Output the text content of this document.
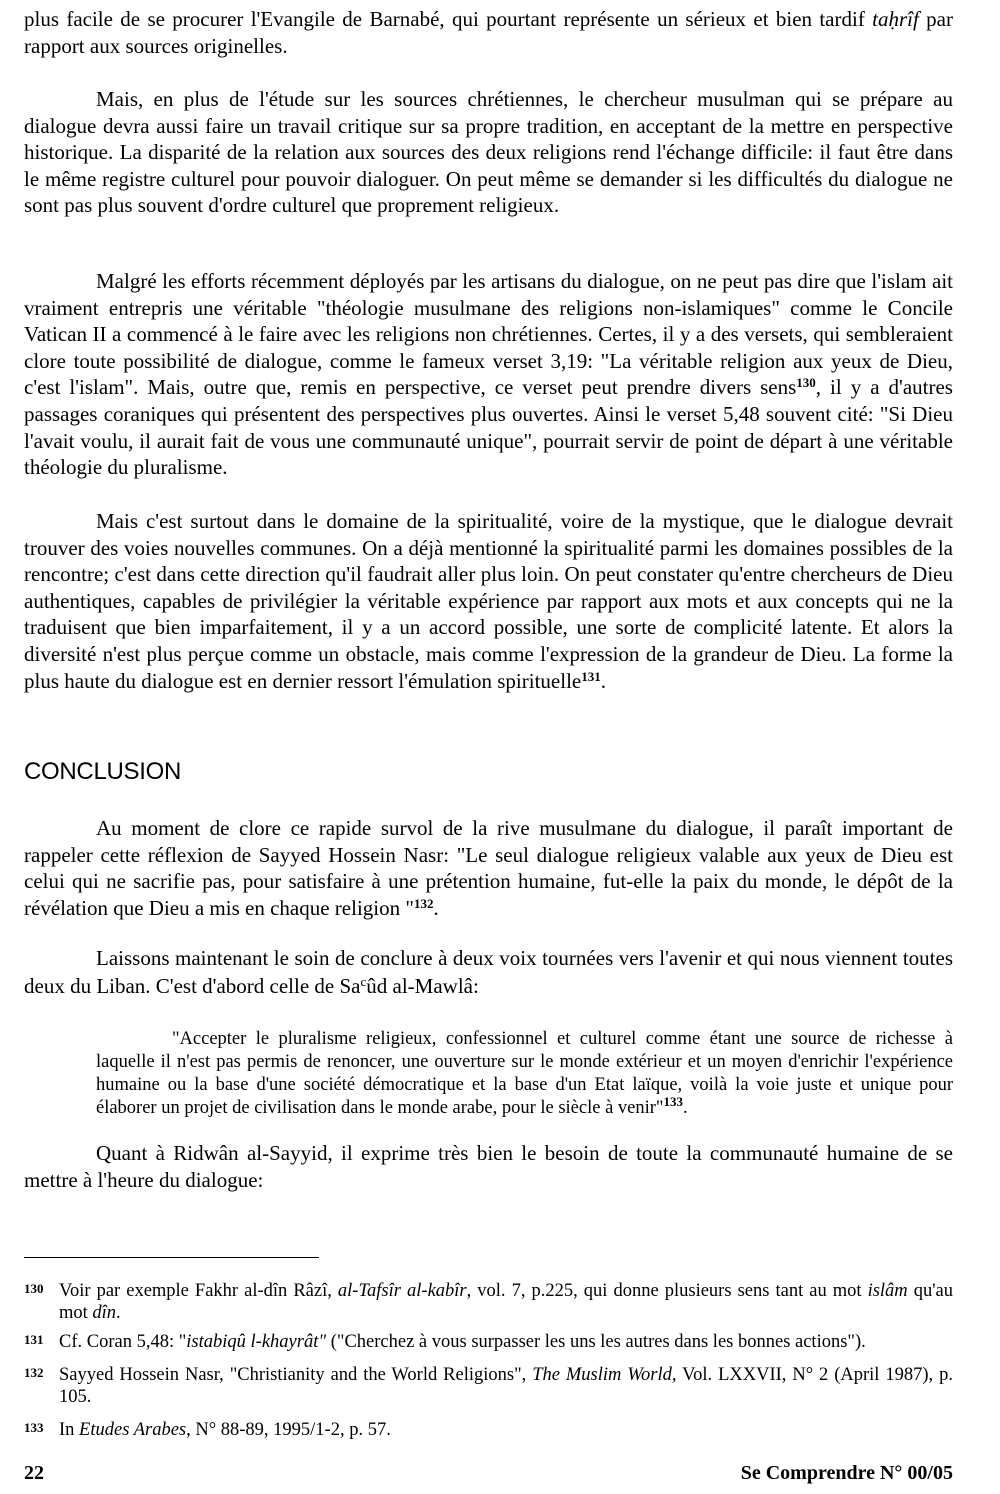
plus facile de se procurer l'Evangile de Barnabé, qui pourtant représente un sérieux et bien tardif taḥrîf par rapport aux sources originelles.

Mais, en plus de l'étude sur les sources chrétiennes, le chercheur musulman qui se prépare au dialogue devra aussi faire un travail critique sur sa propre tradition, en acceptant de la mettre en perspective historique. La disparité de la relation aux sources des deux religions rend l'échange difficile: il faut être dans le même registre culturel pour pouvoir dialoguer. On peut même se demander si les difficultés du dialogue ne sont pas plus souvent d'ordre culturel que proprement religieux.

Malgré les efforts récemment déployés par les artisans du dialogue, on ne peut pas dire que l'islam ait vraiment entrepris une véritable "théologie musulmane des religions non-islamiques" comme le Concile Vatican II a commencé à le faire avec les religions non chrétiennes. Certes, il y a des versets, qui sembleraient clore toute possibilité de dialogue, comme le fameux verset 3,19: "La véritable religion aux yeux de Dieu, c'est l'islam". Mais, outre que, remis en perspective, ce verset peut prendre divers sens$^{130}$, il y a d'autres passages coraniques qui présentent des perspectives plus ouvertes. Ainsi le verset 5,48 souvent cité: "Si Dieu l'avait voulu, il aurait fait de vous une communauté unique", pourrait servir de point de départ à une véritable théologie du pluralisme.

Mais c'est surtout dans le domaine de la spiritualité, voire de la mystique, que le dialogue devrait trouver des voies nouvelles communes. On a déjà mentionné la spiritualité parmi les domaines possibles de la rencontre; c'est dans cette direction qu'il faudrait aller plus loin. On peut constater qu'entre chercheurs de Dieu authentiques, capables de privilégier la véritable expérience par rapport aux mots et aux concepts qui ne la traduisent que bien imparfaitement, il y a un accord possible, une sorte de complicité latente. Et alors la diversité n'est plus perçue comme un obstacle, mais comme l'expression de la grandeur de Dieu. La forme la plus haute du dialogue est en dernier ressort l'émulation spirituelle$^{131}$.

CONCLUSION

Au moment de clore ce rapide survol de la rive musulmane du dialogue, il paraît important de rappeler cette réflexion de Sayyed Hossein Nasr: "Le seul dialogue religieux valable aux yeux de Dieu est celui qui ne sacrifie pas, pour satisfaire à une prétention humaine, fut-elle la paix du monde, le dépôt de la révélation que Dieu a mis en chaque religion "$^{132}$.

Laissons maintenant le soin de conclure à deux voix tournées vers l'avenir et qui nous viennent toutes deux du Liban. C'est d'abord celle de Sa$^c$ûd al-Mawlâ:

"Accepter le pluralisme religieux, confessionnel et culturel comme étant une source de richesse à laquelle il n'est pas permis de renoncer, une ouverture sur le monde extérieur et un moyen d'enrichir l'expérience humaine ou la base d'une société démocratique et la base d'un Etat laïque, voilà la voie juste et unique pour élaborer un projet de civilisation dans le monde arabe, pour le siècle à venir"$^{133}$.

Quant à Ridwân al-Sayyid, il exprime très bien le besoin de toute la communauté humaine de se mettre à l'heure du dialogue:

130 Voir par exemple Fakhr al-dîn Râzî, al-Tafsîr al-kabîr, vol. 7, p.225, qui donne plusieurs sens tant au mot islâm qu'au mot dîn.
131 Cf. Coran 5,48: "istabiqû l-khayrât" ("Cherchez à vous surpasser les uns les autres dans les bonnes actions").
132 Sayyed Hossein Nasr, "Christianity and the World Religions", The Muslim World, Vol. LXXVII, N° 2 (April 1987), p. 105.
133 In Etudes Arabes, N° 88-89, 1995/1-2, p. 57.
22	Se Comprendre N° 00/05
